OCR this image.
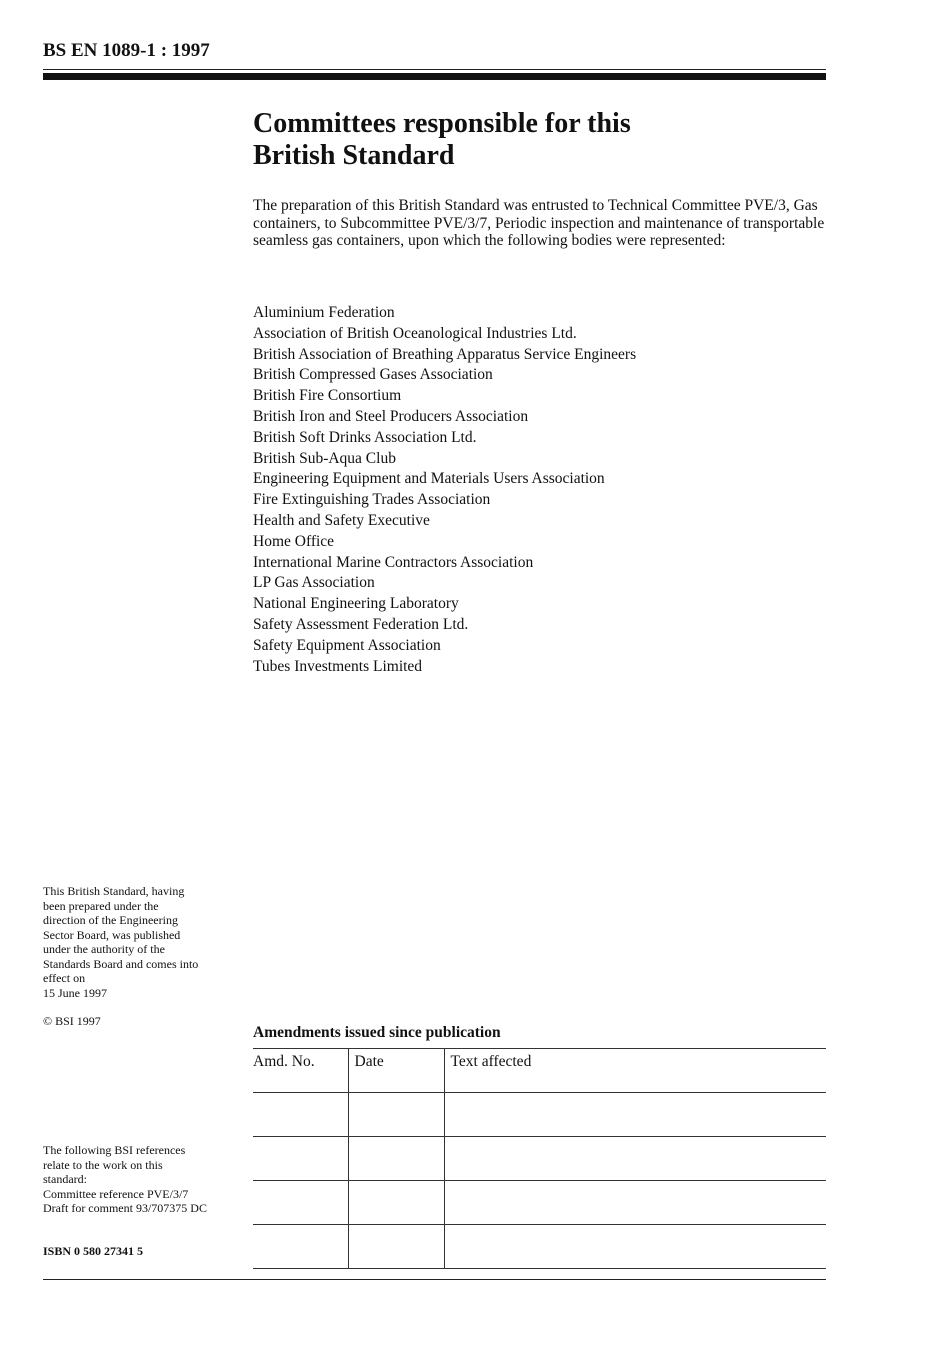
BS EN 1089-1 : 1997
Committees responsible for this
British Standard
The preparation of this British Standard was entrusted to Technical Committee PVE/3, Gas containers, to Subcommittee PVE/3/7, Periodic inspection and maintenance of transportable seamless gas containers, upon which the following bodies were represented:
Aluminium Federation
Association of British Oceanological Industries Ltd.
British Association of Breathing Apparatus Service Engineers
British Compressed Gases Association
British Fire Consortium
British Iron and Steel Producers Association
British Soft Drinks Association Ltd.
British Sub-Aqua Club
Engineering Equipment and Materials Users Association
Fire Extinguishing Trades Association
Health and Safety Executive
Home Office
International Marine Contractors Association
LP Gas Association
National Engineering Laboratory
Safety Assessment Federation Ltd.
Safety Equipment Association
Tubes Investments Limited
This British Standard, having
been prepared under the
direction of the Engineering
Sector Board, was published
under the authority of the
Standards Board and comes into
effect on
15 June 1997
© BSI 1997
The following BSI references
relate to the work on this
standard:
Committee reference PVE/3/7
Draft for comment 93/707375 DC
ISBN 0 580 27341 5
Amendments issued since publication
Amd. No.	Date	Text affected
